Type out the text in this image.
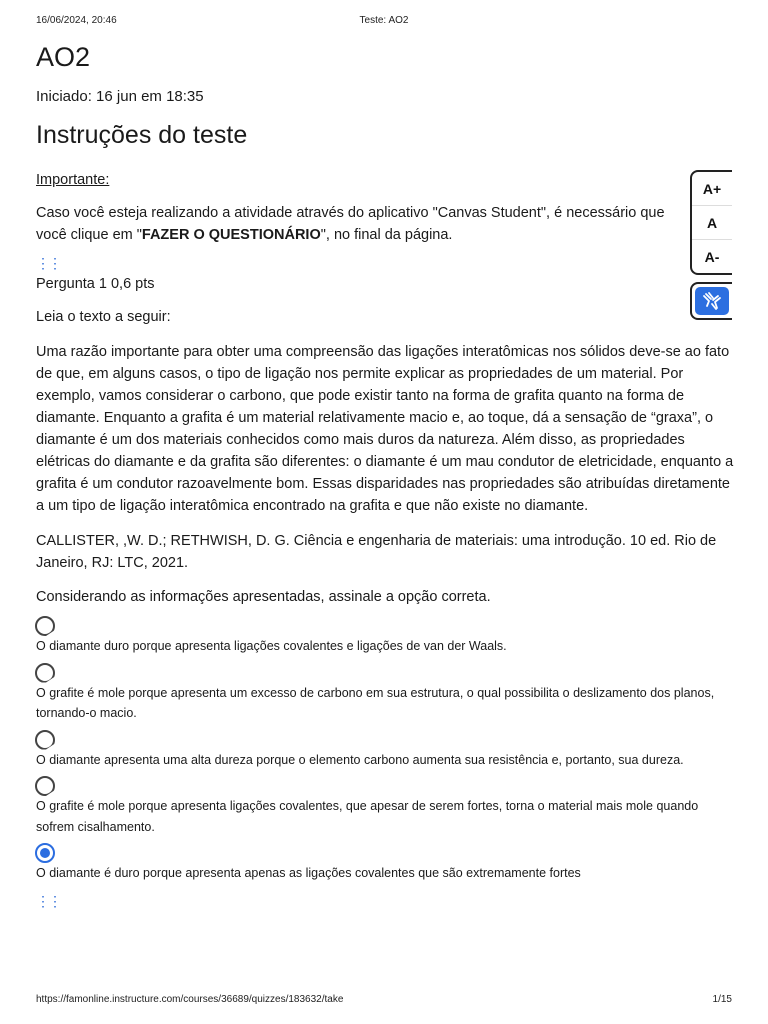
16/06/2024, 20:46	Teste: AO2
AO2
Iniciado: 16 jun em 18:35
Instruções do teste
Importante:
Caso você esteja realizando a atividade através do aplicativo "Canvas Student", é necessário que você clique em "FAZER O QUESTIONÁRIO", no final da página.
⋮⋮
Pergunta 1 0,6 pts
Leia o texto a seguir:
Uma razão importante para obter uma compreensão das ligações interatômicas nos sólidos deve-se ao fato de que, em alguns casos, o tipo de ligação nos permite explicar as propriedades de um material. Por exemplo, vamos considerar o carbono, que pode existir tanto na forma de grafita quanto na forma de diamante. Enquanto a grafita é um material relativamente macio e, ao toque, dá a sensação de “graxa”, o diamante é um dos materiais conhecidos como mais duros da natureza. Além disso, as propriedades elétricas do diamante e da grafita são diferentes: o diamante é um mau condutor de eletricidade, enquanto a grafita é um condutor razoavelmente bom. Essas disparidades nas propriedades são atribuídas diretamente a um tipo de ligação interatômica encontrado na grafita e que não existe no diamante.
CALLISTER, ,W. D.; RETHWISH, D. G. Ciência e engenharia de materiais: uma introdução. 10 ed. Rio de Janeiro, RJ: LTC, 2021.
Considerando as informações apresentadas, assinale a opção correta.
O diamante duro porque apresenta ligações covalentes e ligações de van der Waals.
O grafite é mole porque apresenta um excesso de carbono em sua estrutura, o qual possibilita o deslizamento dos planos, tornando-o macio.
O diamante apresenta uma alta dureza porque o elemento carbono aumenta sua resistência e, portanto, sua dureza.
O grafite é mole porque apresenta ligações covalentes, que apesar de serem fortes, torna o material mais mole quando sofrem cisalhamento.
O diamante é duro porque apresenta apenas as ligações covalentes que são extremamente fortes
⋮⋮
A+
A
A-
https://famonline.instructure.com/courses/36689/quizzes/183632/take	1/15
